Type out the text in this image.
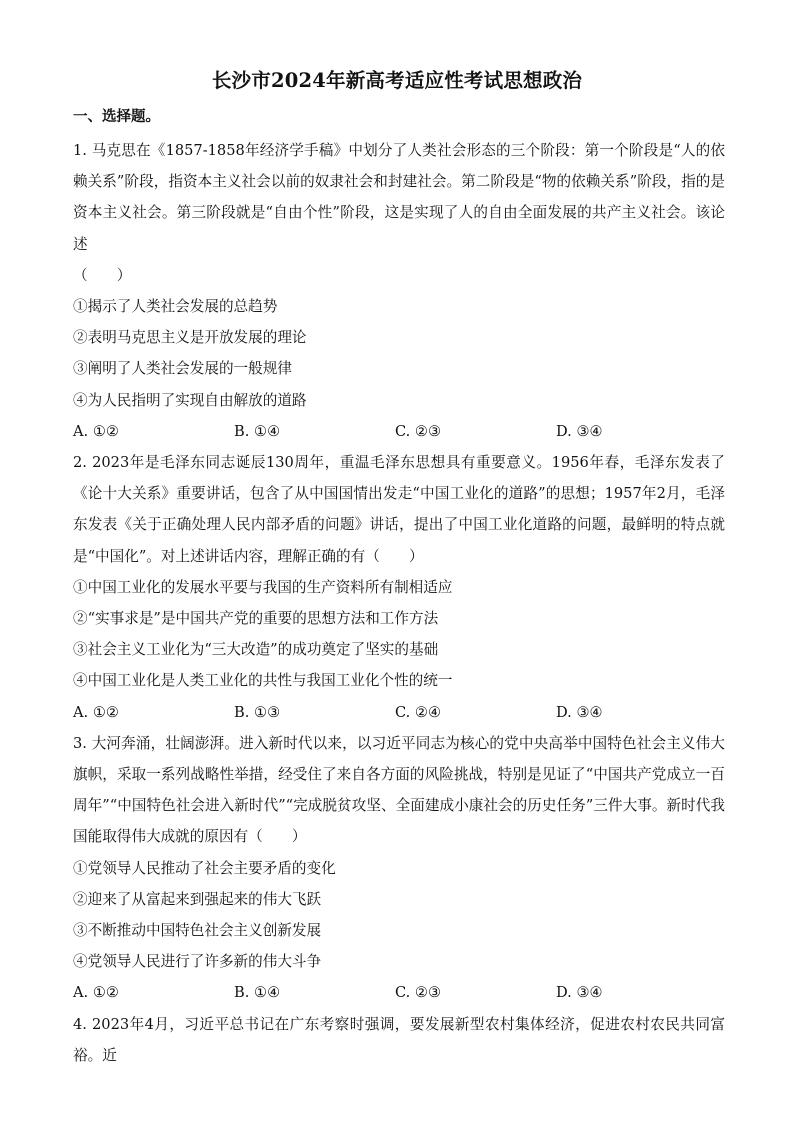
长沙市2024年新高考适应性考试思想政治
一、选择题。

1. 马克思在《1857-1858年经济学手稿》中划分了人类社会形态的三个阶段：第一个阶段是“人的依赖关系”阶段，指资本主义社会以前的奴隶社会和封建社会。第二阶段是“物的依赖关系”阶段，指的是资本主义社会。第三阶段就是“自由个性”阶段，这是实现了人的自由全面发展的共产主义社会。该论述

（　　）

①揭示了人类社会发展的总趋势

②表明马克思主义是开放发展的理论

③阐明了人类社会发展的一般规律

④为人民指明了实现自由解放的道路

A. ①②	B. ①④	C. ②③	D. ③④

2. 2023年是毛泽东同志诞辰130周年，重温毛泽东思想具有重要意义。1956年春，毛泽东发表了《论十大关系》重要讲话，包含了从中国国情出发走“中国工业化的道路”的思想；1957年2月，毛泽东发表《关于正确处理人民内部矛盾的问题》讲话，提出了中国工业化道路的问题，最鲜明的特点就是“中国化”。对上述讲话内容，理解正确的有（　　）

①中国工业化的发展水平要与我国的生产资料所有制相适应

②“实事求是”是中国共产党的重要的思想方法和工作方法

③社会主义工业化为“三大改造”的成功奠定了坚实的基础

④中国工业化是人类工业化的共性与我国工业化个性的统一

A. ①②	B. ①③	C. ②④	D. ③④

3. 大河奔涌，壮阔澎湃。进入新时代以来，以习近平同志为核心的党中央高举中国特色社会主义伟大旗帜，采取一系列战略性举措，经受住了来自各方面的风险挑战，特别是见证了“中国共产党成立一百周年”“中国特色社会进入新时代”“完成脱贫攻坚、全面建成小康社会的历史任务”三件大事。新时代我国能取得伟大成就的原因有（　　）

①党领导人民推动了社会主要矛盾的变化

②迎来了从富起来到强起来的伟大飞跃

③不断推动中国特色社会主义创新发展

④党领导人民进行了许多新的伟大斗争

A. ①②	B. ①④	C. ②③	D. ③④

4. 2023年4月，习近平总书记在广东考察时强调，要发展新型农村集体经济，促进农村农民共同富裕。近
